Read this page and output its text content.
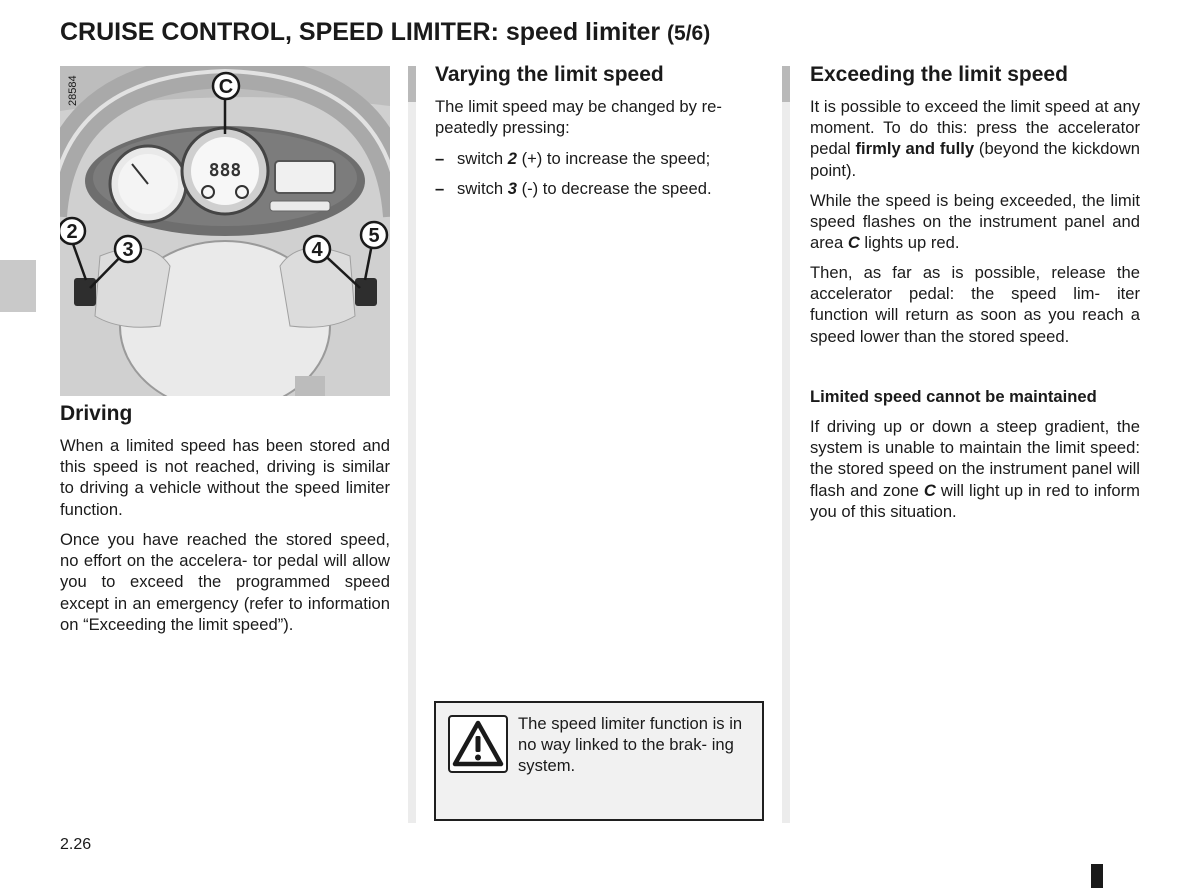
CRUISE CONTROL, SPEED LIMITER: speed limiter (5/6)
888
C
2
3	4
5
28584
Driving

When a limited speed has been stored and this speed is not reached, driving is similar to driving a vehicle without the speed limiter function.

Once you have reached the stored speed, no effort on the accelera- tor pedal will allow you to exceed the programmed speed except in an emergency (refer to information on “Exceeding the limit speed”).

Varying the limit speed

The limit speed may be changed by re- peatedly pressing:

– switch 2 (+) to increase the speed;
– switch 3 (-) to decrease the speed.

The speed limiter function is in no way linked to the brak- ing system.

Exceeding the limit speed

It is possible to exceed the limit speed at any moment. To do this: press the accelerator pedal firmly and fully (beyond the kickdown point).

While the speed is being exceeded, the limit speed flashes on the instrument panel and area C lights up red.

Then, as far as is possible, release the accelerator pedal: the speed lim- iter function will return as soon as you reach a speed lower than the stored speed.

Limited speed cannot be maintained

If driving up or down a steep gradient, the system is unable to maintain the limit speed: the stored speed on the instrument panel will flash and zone C will light up in red to inform you of this situation.

2.26
